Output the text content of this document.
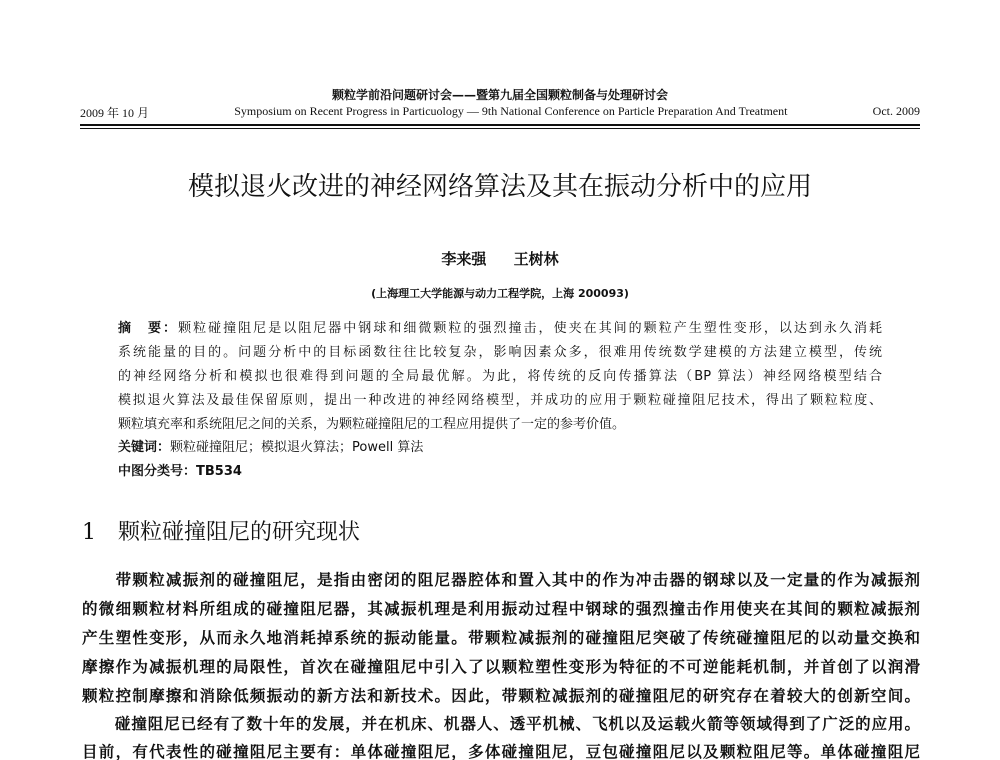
颗粒学前沿问题研讨会——暨第九届全国颗粒制备与处理研讨会
2009 年 10 月	Symposium on Recent Progress in Particuology — 9th National Conference on Particle Preparation And Treatment	Oct. 2009
模拟退火改进的神经网络算法及其在振动分析中的应用
李来强 王树林
(上海理工大学能源与动力工程学院，上海 200093)
摘　要：颗粒碰撞阻尼是以阻尼器中钢球和细微颗粒的强烈撞击，使夹在其间的颗粒产生塑性变形，以达到永久消耗
系统能量的目的。问题分析中的目标函数往往比较复杂，影响因素众多，很难用传统数学建模的方法建立模型，传统
的神经网络分析和模拟也很难得到问题的全局最优解。为此，将传统的反向传播算法（BP 算法）神经网络模型结合
模拟退火算法及最佳保留原则，提出一种改进的神经网络模型，并成功的应用于颗粒碰撞阻尼技术，得出了颗粒粒度、
颗粒填充率和系统阻尼之间的关系，为颗粒碰撞阻尼的工程应用提供了一定的参考价值。
关键词：颗粒碰撞阻尼；模拟退火算法；Powell 算法
中图分类号：TB534
1　颗粒碰撞阻尼的研究现状
　　带颗粒减振剂的碰撞阻尼，是指由密闭的阻尼器腔体和置入其中的作为冲击器的钢球以及一定量的作为减振剂
的微细颗粒材料所组成的碰撞阻尼器，其减振机理是利用振动过程中钢球的强烈撞击作用使夹在其间的颗粒减振剂
产生塑性变形，从而永久地消耗掉系统的振动能量。带颗粒减振剂的碰撞阻尼突破了传统碰撞阻尼的以动量交换和
摩擦作为减振机理的局限性，首次在碰撞阻尼中引入了以颗粒塑性变形为特征的不可逆能耗机制，并首创了以润滑
颗粒控制摩擦和消除低频振动的新方法和新技术。因此，带颗粒减振剂的碰撞阻尼的研究存在着较大的创新空间。
　　碰撞阻尼已经有了数十年的发展，并在机床、机器人、透平机械、飞机以及运载火箭等领域得到了广泛的应用。
目前，有代表性的碰撞阻尼主要有：单体碰撞阻尼，多体碰撞阻尼，豆包碰撞阻尼以及颗粒阻尼等。单体碰撞阻尼
